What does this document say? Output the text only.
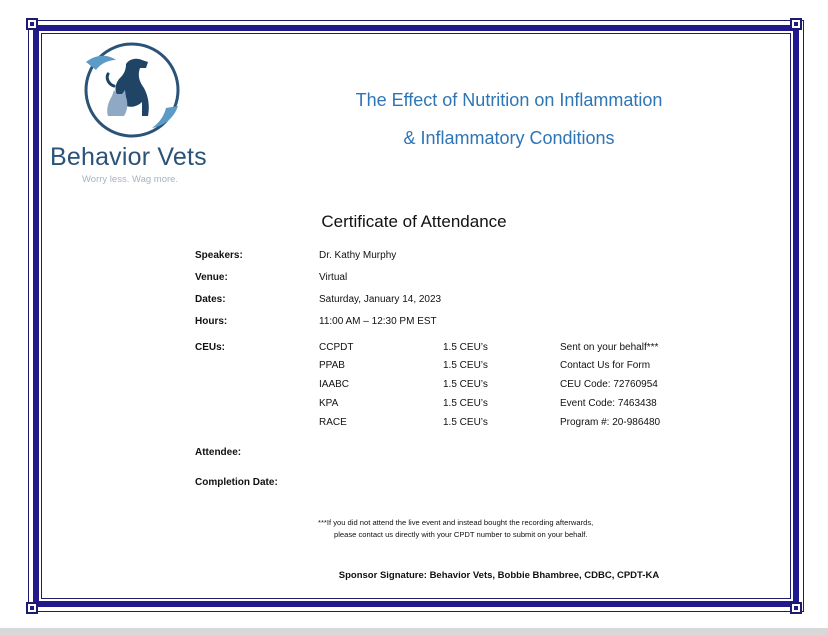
Behavior Vets
Worry less. Wag more.
The Effect of Nutrition on Inflammation
& Inflammatory Conditions
Certificate of Attendance
Speakers:	Dr. Kathy Murphy
Venue:	Virtual
Dates:	Saturday, January 14, 2023
Hours:	11:00 AM – 12:30 PM EST
CEUs:	CCPDT	1.5 CEU’s	Sent on your behalf***
PPAB	1.5 CEU’s	Contact Us for Form
IAABC	1.5 CEU’s	CEU Code: 72760954
KPA	1.5 CEU’s	Event Code: 7463438
RACE	1.5 CEU’s	Program #: 20-986480
Attendee:
Completion Date:
***If you did not attend the live event and instead bought the recording afterwards,
please contact us directly with your CPDT number to submit on your behalf.
Sponsor Signature: Behavior Vets, Bobbie Bhambree, CDBC, CPDT-KA
